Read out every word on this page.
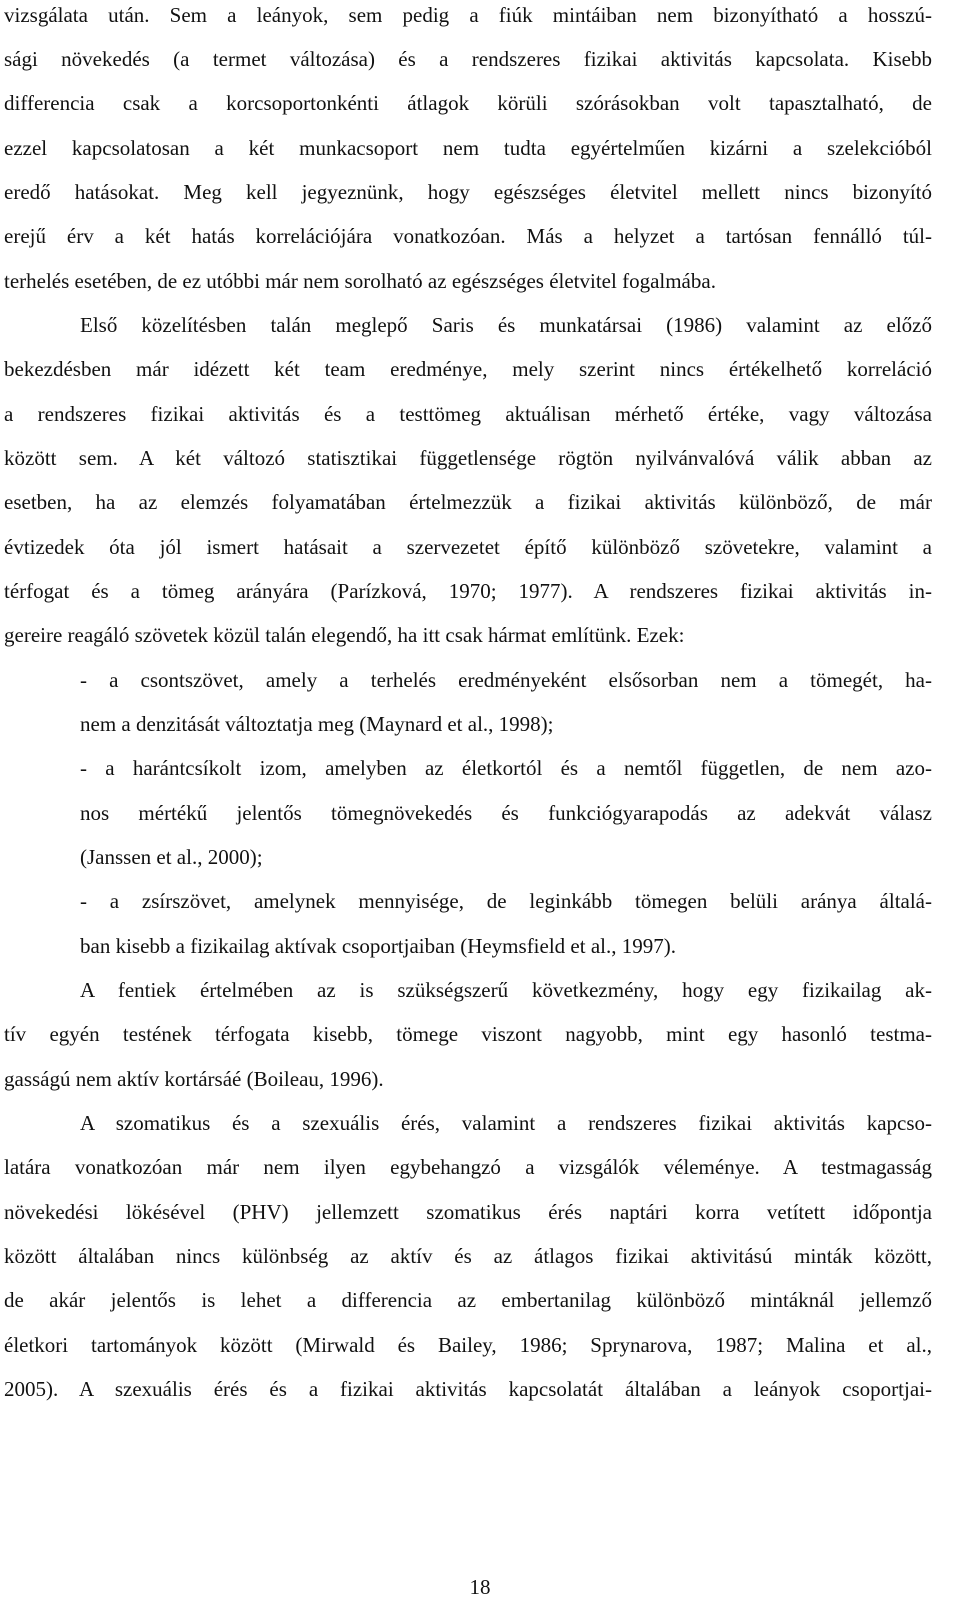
vizsgálata után. Sem a leányok, sem pedig a fiúk mintáiban nem bizonyítható a hosszú-
sági növekedés (a termet változása) és a rendszeres fizikai aktivitás kapcsolata. Kisebb
differencia csak a korcsoportonkénti átlagok körüli szórásokban volt tapasztalható, de
ezzel kapcsolatosan a két munkacsoport nem tudta egyértelműen kizárni a szelekcióból
eredő hatásokat. Meg kell jegyeznünk, hogy egészséges életvitel mellett nincs bizonyító
erejű érv a két hatás korrelációjára vonatkozóan. Más a helyzet a tartósan fennálló túl-
terhelés esetében, de ez utóbbi már nem sorolható az egészséges életvitel fogalmába.
Első közelítésben talán meglepő Saris és munkatársai (1986) valamint az előző
bekezdésben már idézett két team eredménye, mely szerint nincs értékelhető korreláció
a rendszeres fizikai aktivitás és a testtömeg aktuálisan mérhető értéke, vagy változása
között sem. A két változó statisztikai függetlensége rögtön nyilvánvalóvá válik abban az
esetben, ha az elemzés folyamatában értelmezzük a fizikai aktivitás különböző, de már
évtizedek óta jól ismert hatásait a szervezetet építő különböző szövetekre, valamint a
térfogat és a tömeg arányára (Parízková, 1970; 1977). A rendszeres fizikai aktivitás in-
gereire reagáló szövetek közül talán elegendő, ha itt csak hármat említünk. Ezek:
- a csontszövet, amely a terhelés eredményeként elsősorban nem a tömegét, ha-
nem a denzitását változtatja meg (Maynard et al., 1998);
- a harántcsíkolt izom, amelyben az életkortól és a nemtől független, de nem azo-
nos mértékű jelentős tömegnövekedés és funkciógyarapodás az adekvát válasz
(Janssen et al., 2000);
- a zsírszövet, amelynek mennyisége, de leginkább tömegen belüli aránya általá-
ban kisebb a fizikailag aktívak csoportjaiban (Heymsfield et al., 1997).
A fentiek értelmében az is szükségszerű következmény, hogy egy fizikailag ak-
tív egyén testének térfogata kisebb, tömege viszont nagyobb, mint egy hasonló testma-
gasságú nem aktív kortársáé (Boileau, 1996).
A szomatikus és a szexuális érés, valamint a rendszeres fizikai aktivitás kapcso-
latára vonatkozóan már nem ilyen egybehangzó a vizsgálók véleménye. A testmagasság
növekedési lökésével (PHV) jellemzett szomatikus érés naptári korra vetített időpontja
között általában nincs különbség az aktív és az átlagos fizikai aktivitású minták között,
de akár jelentős is lehet a differencia az embertanilag különböző mintáknál jellemző
életkori tartományok között (Mirwald és Bailey, 1986; Sprynarova, 1987; Malina et al.,
2005). A szexuális érés és a fizikai aktivitás kapcsolatát általában a leányok csoportjai-
18
